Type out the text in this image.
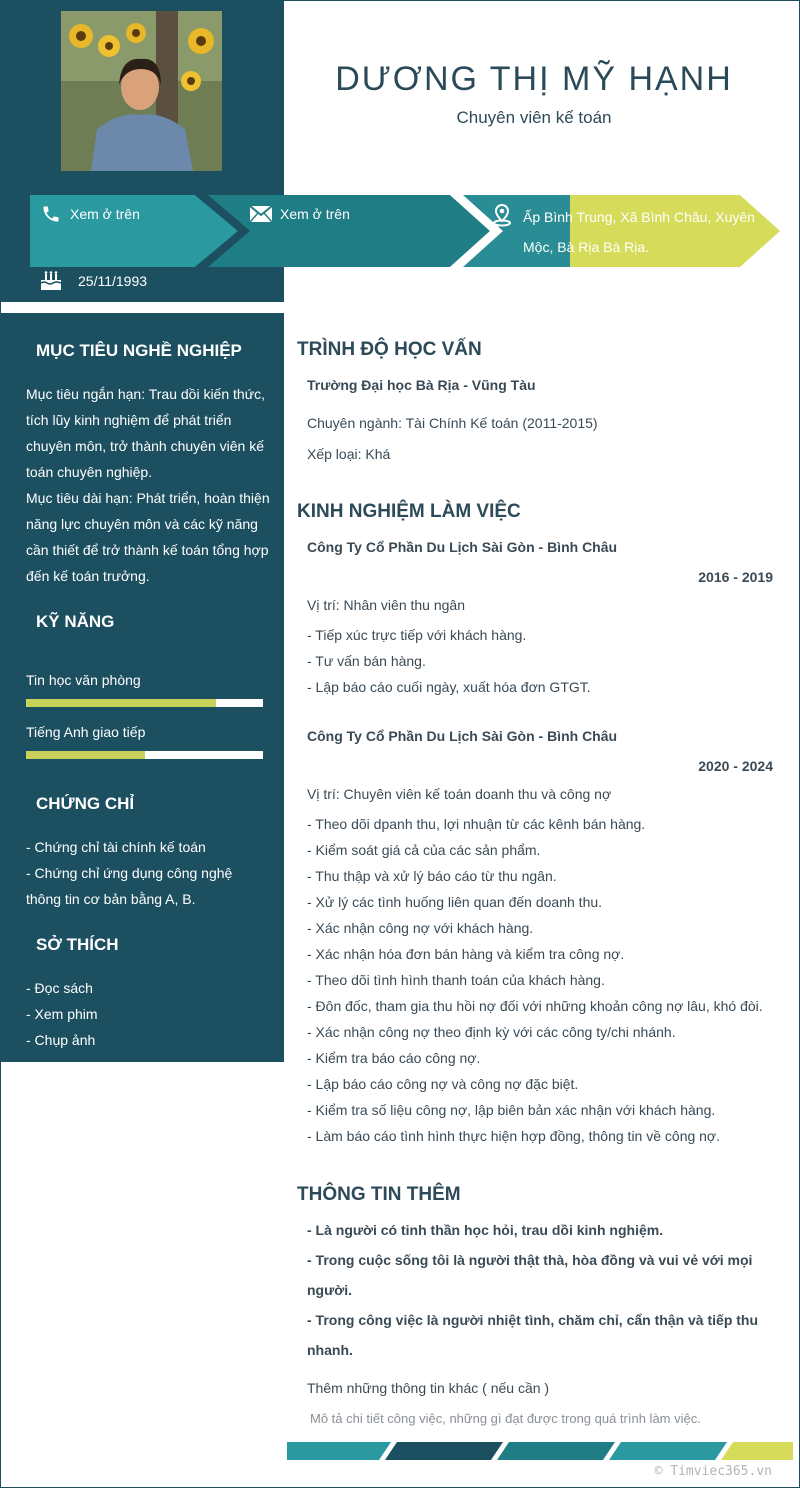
DƯƠNG THỊ MỸ HẠNH
Chuyên viên kế toán
Xem ở trên	Xem ở trên	Ấp Bình Trung, Xã Bình Châu, Xuyên Mộc, Bà Rịa Bà Rịa.
25/11/1993
MỤC TIÊU NGHỀ NGHIỆP
Mục tiêu ngắn hạn: Trau dồi kiến thức, tích lũy kinh nghiệm để phát triển chuyên môn, trở thành chuyên viên kế toán chuyên nghiệp.
Mục tiêu dài hạn: Phát triển, hoàn thiện năng lực chuyên môn và các kỹ năng cần thiết để trở thành kế toán tổng hợp đến kế toán trưởng.
KỸ NĂNG
Tin học văn phòng
Tiếng Anh giao tiếp
CHỨNG CHỈ
- Chứng chỉ tài chính kế toán
- Chứng chỉ ứng dụng công nghệ thông tin cơ bản bằng A, B.
SỞ THÍCH
- Đọc sách
- Xem phim
- Chụp ảnh
TRÌNH ĐỘ HỌC VẤN
Trường Đại học Bà Rịa - Vũng Tàu
Chuyên ngành: Tài Chính Kế toán (2011-2015)
Xếp loại: Khá
KINH NGHIỆM LÀM VIỆC
Công Ty Cổ Phần Du Lịch Sài Gòn - Bình Châu
2016 - 2019
Vị trí: Nhân viên thu ngân
- Tiếp xúc trực tiếp với khách hàng.
- Tư vấn bán hàng.
- Lập báo cáo cuối ngày, xuất hóa đơn GTGT.
Công Ty Cổ Phần Du Lịch Sài Gòn - Bình Châu
2020 - 2024
Vị trí: Chuyên viên kế toán doanh thu và công nợ
- Theo dõi dpanh thu, lợi nhuận từ các kênh bán hàng.
- Kiểm soát giá cả của các sản phẩm.
- Thu thập và xử lý báo cáo từ thu ngân.
- Xử lý các tình huống liên quan đến doanh thu.
- Xác nhận công nợ với khách hàng.
- Xác nhận hóa đơn bán hàng và kiểm tra công nợ.
- Theo dõi tình hình thanh toán của khách hàng.
- Đôn đốc, tham gia thu hồi nợ đối với những khoản công nợ lâu, khó đòi.
- Xác nhận công nợ theo định kỳ với các công ty/chi nhánh.
- Kiểm tra báo cáo công nợ.
- Lập báo cáo công nợ và công nợ đặc biệt.
- Kiểm tra số liệu công nợ, lập biên bản xác nhận với khách hàng.
- Làm báo cáo tình hình thực hiện hợp đồng, thông tin về công nợ.
THÔNG TIN THÊM
- Là người có tinh thần học hỏi, trau dồi kinh nghiệm.
- Trong cuộc sống tôi là người thật thà, hòa đồng và vui vẻ với mọi người.
- Trong công việc là người nhiệt tình, chăm chỉ, cẩn thận và tiếp thu nhanh.
Thêm những thông tin khác ( nếu cần )
Mô tả chi tiết công việc, những gì đạt được trong quá trình làm việc.
© Timviec365.vn
